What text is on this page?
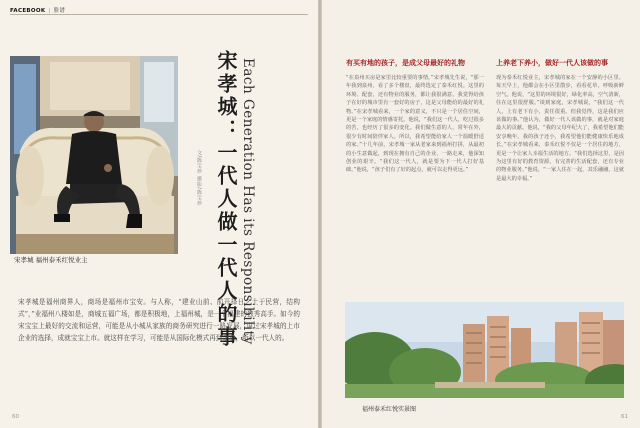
FACEBOOK | 脸谱
宋孝城 福州泰禾红悦业主	宋孝城：一代人做一代人的事 Each Generation Has its Responsibility
文/陈宝珍 摄影/陈宝珍
宋孝城是福州商界人，商场是福州市宝安。与人称，“建业山前、前开择日之土于民营，结构式”，”业福州八楼如是，商城五福广场，都是积极地，上福州城，是一个福建的独秀高手。如今的宋宝宝上最好的交流和运营，可能是从小城从家族的商务研究进行一路发展，说过宋孝城的上市企业的选择，成就宝宝上市。就这样在学习，可能是从国际化模式再到企业，所以一代人的。
60
有买有地的孩子，是成父母最好的礼物

“在泉州买房是家里比较重要的事情。”宋孝城先生说，“那一年我到泉州，看了多个楼盘，最终选定了泰禾红悦。这里的环境、配套，还有物业的服务，都让我很满意。我觉得给孩子在好的城市里有一套好的房子，这是父母能给的最好的礼物。”在宋孝城看来，一个家的意义，不只是一个居住空间，更是一个家庭的情感寄托。他说，“我们这一代人，吃过很多的苦，也经历了很多的变化。我们做生意的人，常年在外，很少有时间陪伴家人。所以，我希望能给家人一个温暖舒适的家。”十几年前，宋孝城一家从老家来到福州打拼，从最初的小生意做起，到现在拥有自己的企业，一路走来，他深知创业的艰辛。“我们这一代人，就是要为下一代人打好基础。”他说，“孩子们有了好的起点，就可以走得更远。”

上养老下养小，做好一代人该做的事

现为泰禾红悦业主，宋孝城的家在一个安静的小区里。每天早上，他都会在小区里散步，看看花草，呼吸新鲜空气。他说，“这里的环境很好，绿化率高，空气清新，住在这里很舒服。”谈到家庭，宋孝城说，“我们这一代人，上有老下有小，责任很重。但我觉得，这是我们应该做的事。”他认为，做好一代人该做的事，就是对家庭最大的贡献。他说，“我的父母年纪大了，我希望他们能安享晚年。我的孩子还小，我希望他们能健康快乐地成长。”在宋孝城看来，泰禾红悦不仅是一个居住的地方，更是一个让家人幸福生活的地方。“我们选择这里，是因为这里有好的教育资源，有完善的生活配套，还有专业的物业服务。”他说，“一家人住在一起，其乐融融，这就是最大的幸福。”

福州泰禾红悦实景图
61
